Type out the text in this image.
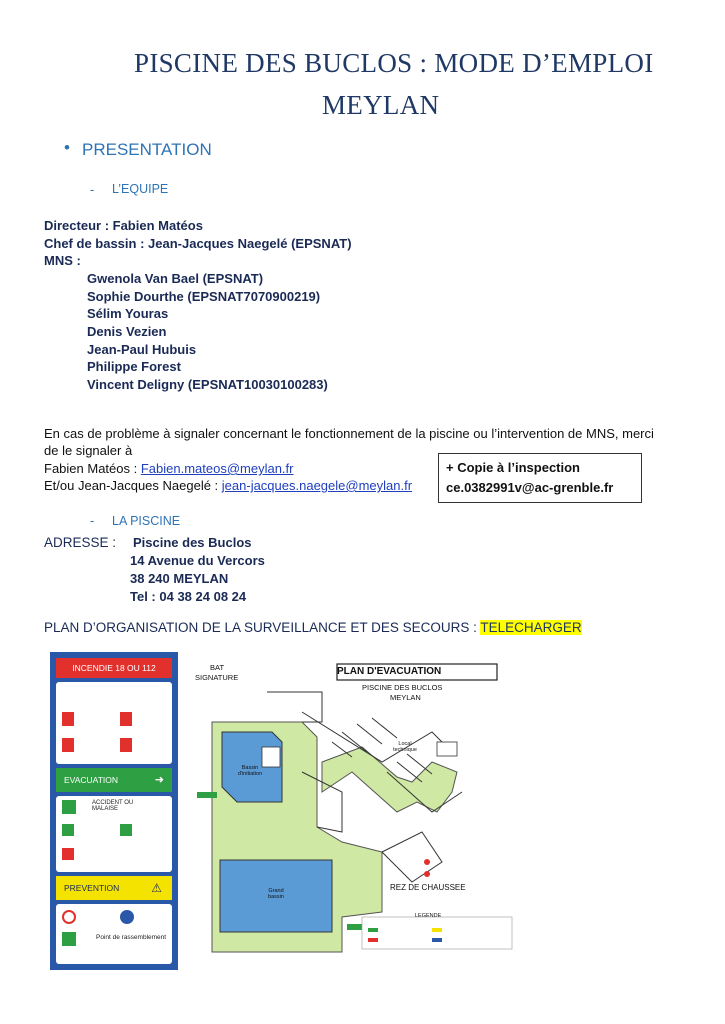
PISCINE DES BUCLOS : MODE D’EMPLOI
MEYLAN
• PRESENTATION
- L’EQUIPE
Directeur : Fabien Matéos
Chef de bassin : Jean-Jacques Naegelé (EPSNAT)
MNS :
Gwenola Van Bael (EPSNAT)
Sophie Dourthe (EPSNAT7070900219)
Sélim Youras
Denis Vezien
Jean-Paul Hubuis
Philippe Forest
Vincent Deligny (EPSNAT10030100283)
En cas de problème à signaler concernant le fonctionnement de la piscine ou l’intervention de MNS, merci
de le signaler à
Fabien Matéos : Fabien.mateos@meylan.fr
Et/ou Jean-Jacques Naegelé : jean-jacques.naegele@meylan.fr
+ Copie à l’inspection
ce.0382991v@ac-grenble.fr
- LA PISCINE
ADRESSE : Piscine des Buclos
14 Avenue du Vercors
38 240 MEYLAN
Tel : 04 38 24 08 24
PLAN D’ORGANISATION DE LA SURVEILLANCE ET DES SECOURS : TELECHARGER
INCENDIE 18 OU 112
EVACUATION	➜
ACCIDENT OU MALAISE
PREVENTION	⚠
Point de rassemblement
PLAN D'EVACUATION
PISCINE DES BUCLOS
MEYLAN
BAT
SIGNATURE
Bassin d'initiation
Grand bassin
Local technique
REZ DE CHAUSSEE
LEGENDE
